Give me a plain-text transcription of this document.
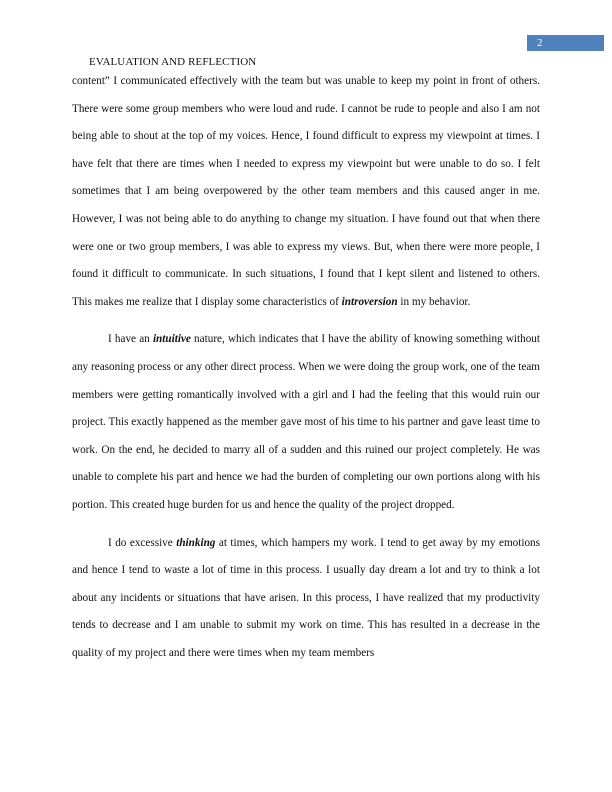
2
EVALUATION AND REFLECTION

content” I communicated effectively with the team but was unable to keep my point in front of others. There were some group members who were loud and rude. I cannot be rude to people and also I am not being able to shout at the top of my voices. Hence, I found difficult to express my viewpoint at times. I have felt that there are times when I needed to express my viewpoint but were unable to do so. I felt sometimes that I am being overpowered by the other team members and this caused anger in me. However, I was not being able to do anything to change my situation. I have found out that when there were one or two group members, I was able to express my views. But, when there were more people, I found it difficult to communicate. In such situations, I found that I kept silent and listened to others. This makes me realize that I display some characteristics of introversion in my behavior.

I have an intuitive nature, which indicates that I have the ability of knowing something without any reasoning process or any other direct process. When we were doing the group work, one of the team members were getting romantically involved with a girl and I had the feeling that this would ruin our project. This exactly happened as the member gave most of his time to his partner and gave least time to work. On the end, he decided to marry all of a sudden and this ruined our project completely. He was unable to complete his part and hence we had the burden of completing our own portions along with his portion. This created huge burden for us and hence the quality of the project dropped.

I do excessive thinking at times, which hampers my work. I tend to get away by my emotions and hence I tend to waste a lot of time in this process. I usually day dream a lot and try to think a lot about any incidents or situations that have arisen. In this process, I have realized that my productivity tends to decrease and I am unable to submit my work on time. This has resulted in a decrease in the quality of my project and there were times when my team members
